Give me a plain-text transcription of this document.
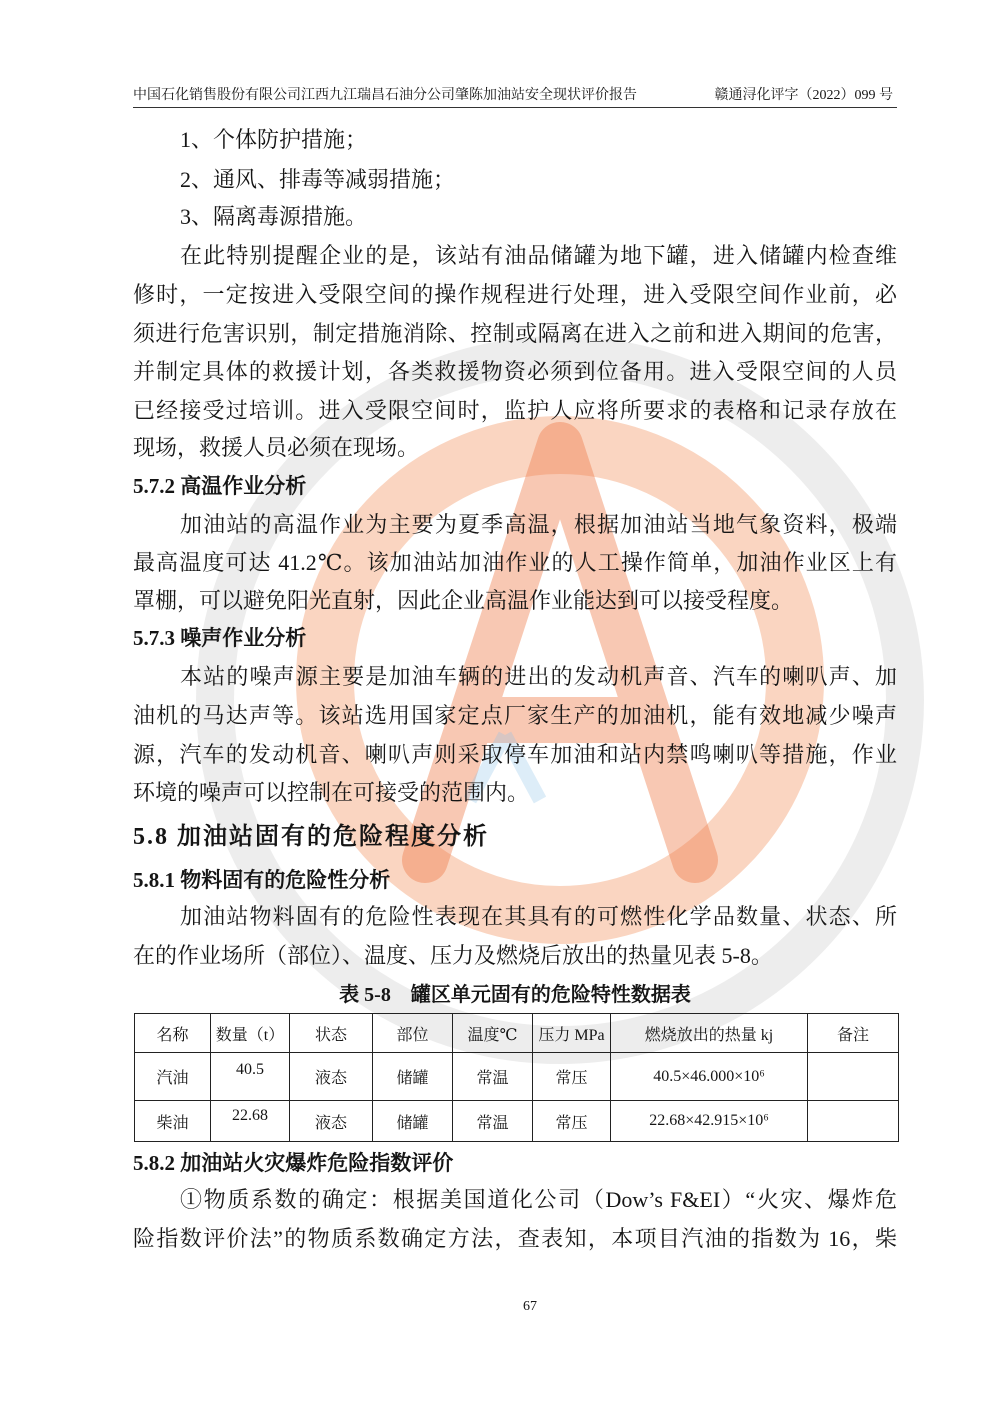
中国石化销售股份有限公司江西九江瑞昌石油分公司肇陈加油站安全现状评价报告	赣通浔化评字（2022）099 号
1、个体防护措施；
2、通风、排毒等减弱措施；
3、隔离毒源措施。
在此特别提醒企业的是，该站有油品储罐为地下罐，进入储罐内检查维
修时，一定按进入受限空间的操作规程进行处理，进入受限空间作业前，必
须进行危害识别，制定措施消除、控制或隔离在进入之前和进入期间的危害，
并制定具体的救援计划，各类救援物资必须到位备用。进入受限空间的人员
已经接受过培训。进入受限空间时，监护人应将所要求的表格和记录存放在
现场，救援人员必须在现场。
5.7.2 高温作业分析
加油站的高温作业为主要为夏季高温，根据加油站当地气象资料，极端
最高温度可达 41.2℃。该加油站加油作业的人工操作简单，加油作业区上有
罩棚，可以避免阳光直射，因此企业高温作业能达到可以接受程度。
5.7.3 噪声作业分析
本站的噪声源主要是加油车辆的进出的发动机声音、汽车的喇叭声、加
油机的马达声等。该站选用国家定点厂家生产的加油机，能有效地减少噪声
源，汽车的发动机音、喇叭声则采取停车加油和站内禁鸣喇叭等措施，作业
环境的噪声可以控制在可接受的范围内。
5.8 加油站固有的危险程度分析
5.8.1 物料固有的危险性分析
加油站物料固有的危险性表现在其具有的可燃性化学品数量、状态、所
在的作业场所（部位）、温度、压力及燃烧后放出的热量见表 5-8。
表 5-8　罐区单元固有的危险特性数据表
名称	数量（t）	状态	部位	温度℃	压力 MPa	燃烧放出的热量 kj	备注
汽油	40.5	液态	储罐	常温	常压	40.5×46.000×10⁶	
柴油	22.68	液态	储罐	常温	常压	22.68×42.915×10⁶	
5.8.2 加油站火灾爆炸危险指数评价
①物质系数的确定：根据美国道化公司（Dow’s F&EI）“火灾、爆炸危
险指数评价法”的物质系数确定方法，查表知，本项目汽油的指数为 16，柴
67
